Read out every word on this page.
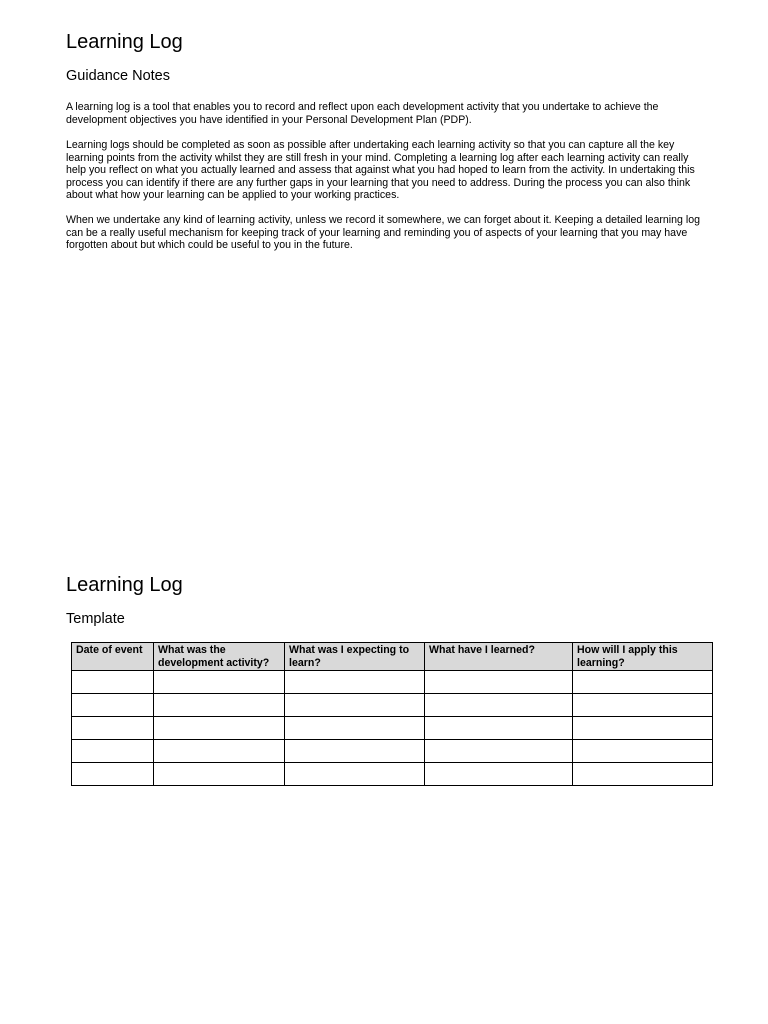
Learning Log
Guidance Notes

A learning log is a tool that enables you to record and reflect upon each development activity that you undertake to achieve the development objectives you have identified in your Personal Development Plan (PDP).

Learning logs should be completed as soon as possible after undertaking each learning activity so that you can capture all the key learning points from the activity whilst they are still fresh in your mind. Completing a learning log after each learning activity can really help you reflect on what you actually learned and assess that against what you had hoped to learn from the activity. In undertaking this process you can identify if there are any further gaps in your learning that you need to address. During the process you can also think about what how your learning can be applied to your working practices.

When we undertake any kind of learning activity, unless we record it somewhere, we can forget about it. Keeping a detailed learning log can be a really useful mechanism for keeping track of your learning and reminding you of aspects of your learning that you may have forgotten about but which could be useful to you in the future.

Learning Log
Template
Date of event	What was the development activity?	What was I expecting to learn?	What have I learned?	How will I apply this learning?
